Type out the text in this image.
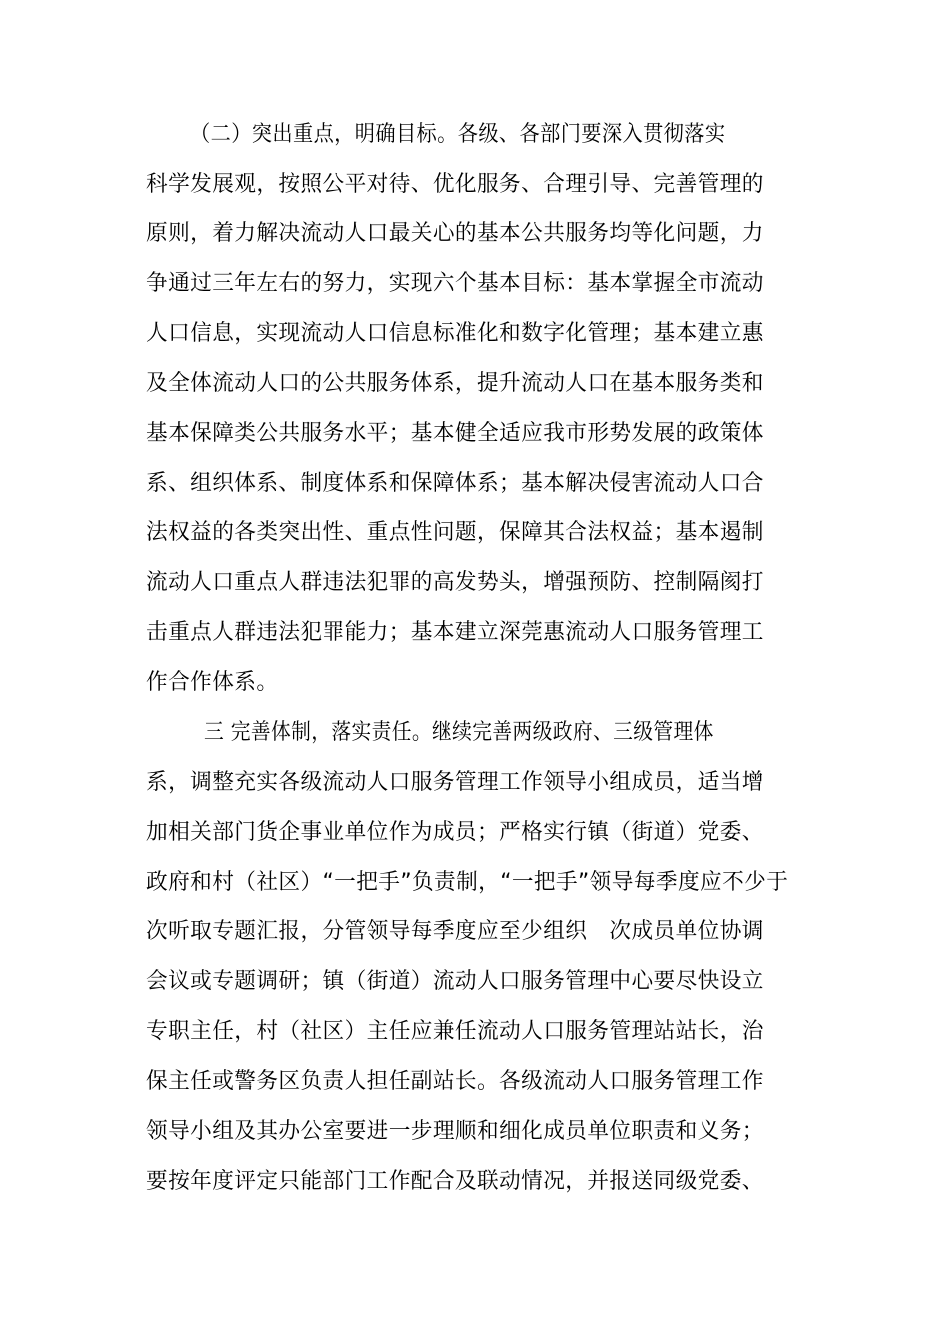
（二）突出重点，明确目标。各级、各部门要深入贯彻落实
科学发展观，按照公平对待、优化服务、合理引导、完善管理的
原则，着力解决流动人口最关心的基本公共服务均等化问题，力
争通过三年左右的努力，实现六个基本目标：基本掌握全市流动
人口信息，实现流动人口信息标准化和数字化管理；基本建立惠
及全体流动人口的公共服务体系，提升流动人口在基本服务类和
基本保障类公共服务水平；基本健全适应我市形势发展的政策体
系、组织体系、制度体系和保障体系；基本解决侵害流动人口合
法权益的各类突出性、重点性问题，保障其合法权益；基本遏制
流动人口重点人群违法犯罪的高发势头，增强预防、控制隔阂打
击重点人群违法犯罪能力；基本建立深莞惠流动人口服务管理工
作合作体系。
三 完善体制，落实责任。继续完善两级政府、三级管理体
系，调整充实各级流动人口服务管理工作领导小组成员，适当增
加相关部门货企事业单位作为成员；严格实行镇（街道）党委、
政府和村（社区）“一把手”负责制，“一把手”领导每季度应不少于
次听取专题汇报，分管领导每季度应至少组织　次成员单位协调
会议或专题调研；镇（街道）流动人口服务管理中心要尽快设立
专职主任，村（社区）主任应兼任流动人口服务管理站站长，治
保主任或警务区负责人担任副站长。各级流动人口服务管理工作
领导小组及其办公室要进一步理顺和细化成员单位职责和义务；
要按年度评定只能部门工作配合及联动情况，并报送同级党委、
